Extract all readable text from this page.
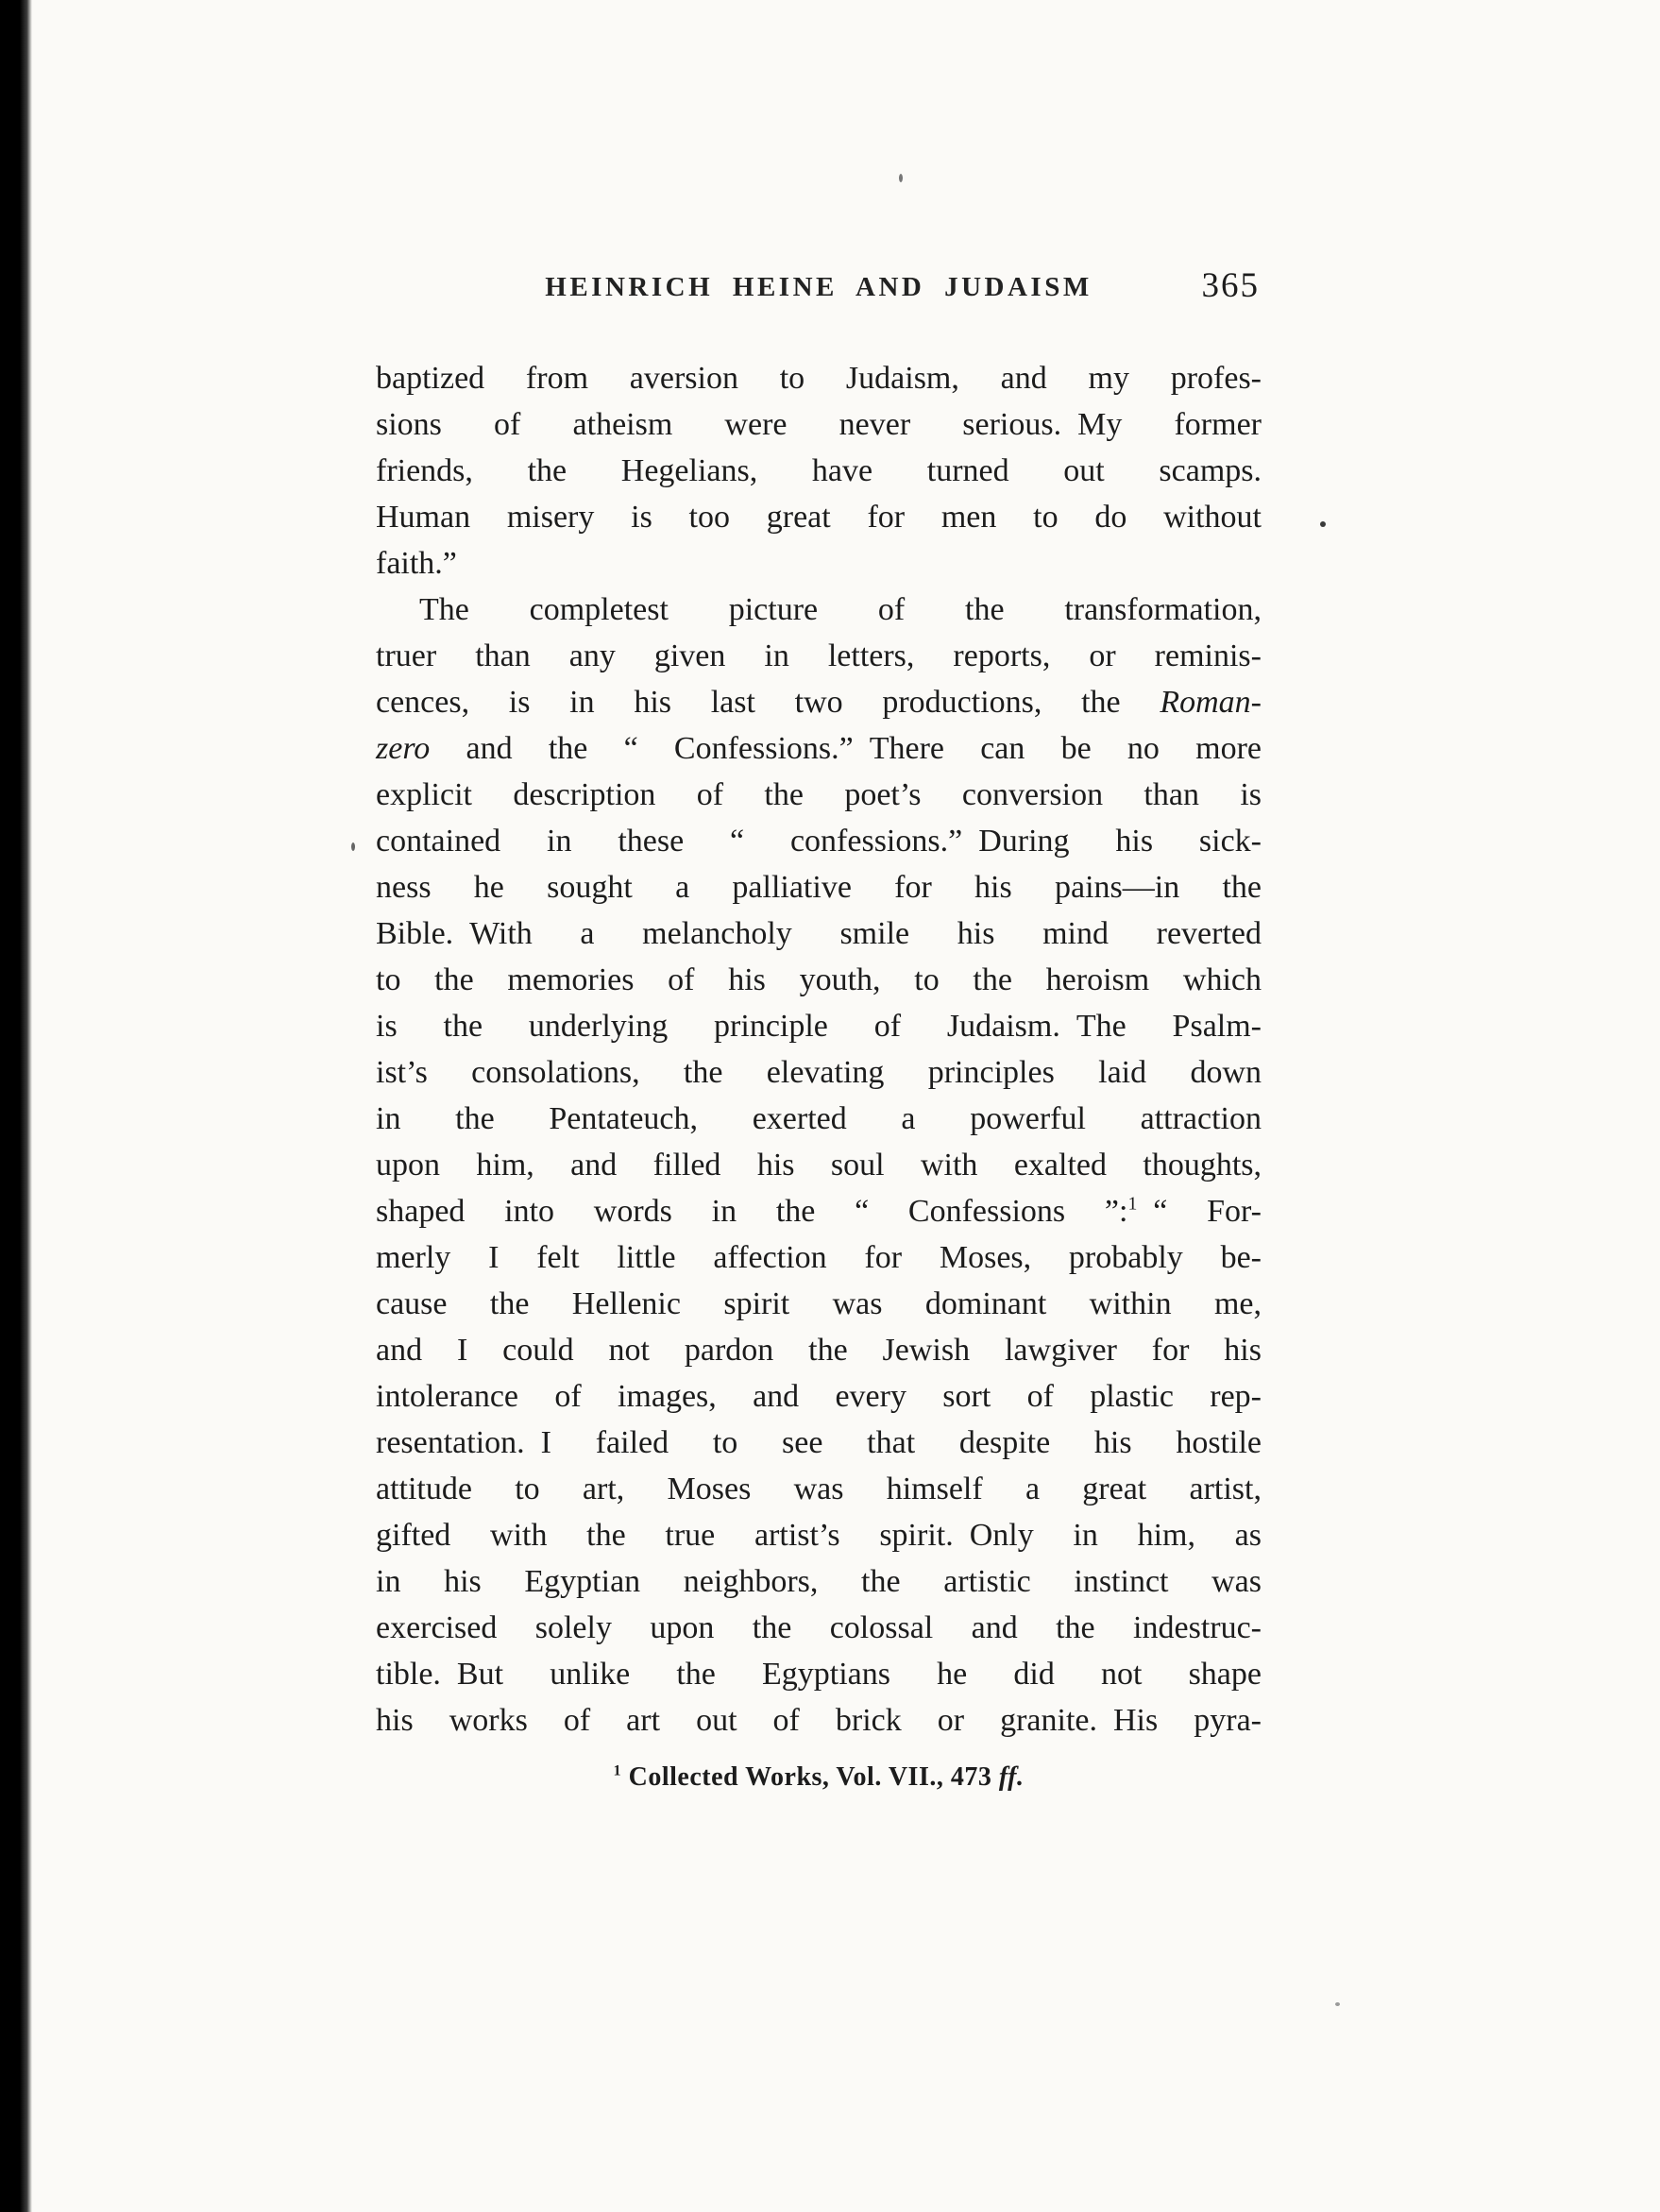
HEINRICH HEINE AND JUDAISM	365
baptized from aversion to Judaism, and my profes-
sions of atheism were never serious. My former
friends, the Hegelians, have turned out scamps.
Human misery is too great for men to do without
faith.”
The completest picture of the transformation,
truer than any given in letters, reports, or reminis-
cences, is in his last two productions, the Roman-
zero and the “ Confessions.” There can be no more
explicit description of the poet’s conversion than is
contained in these “ confessions.” During his sick-
ness he sought a palliative for his pains—in the
Bible. With a melancholy smile his mind reverted
to the memories of his youth, to the heroism which
is the underlying principle of Judaism. The Psalm-
ist’s consolations, the elevating principles laid down
in the Pentateuch, exerted a powerful attraction
upon him, and filled his soul with exalted thoughts,
shaped into words in the “ Confessions ”:$^1$ “ For-
merly I felt little affection for Moses, probably be-
cause the Hellenic spirit was dominant within me,
and I could not pardon the Jewish lawgiver for his
intolerance of images, and every sort of plastic rep-
resentation. I failed to see that despite his hostile
attitude to art, Moses was himself a great artist,
gifted with the true artist’s spirit. Only in him, as
in his Egyptian neighbors, the artistic instinct was
exercised solely upon the colossal and the indestruc-
tible. But unlike the Egyptians he did not shape
his works of art out of brick or granite. His pyra-
$^1$ Collected Works, Vol. VII., 473 ff.
